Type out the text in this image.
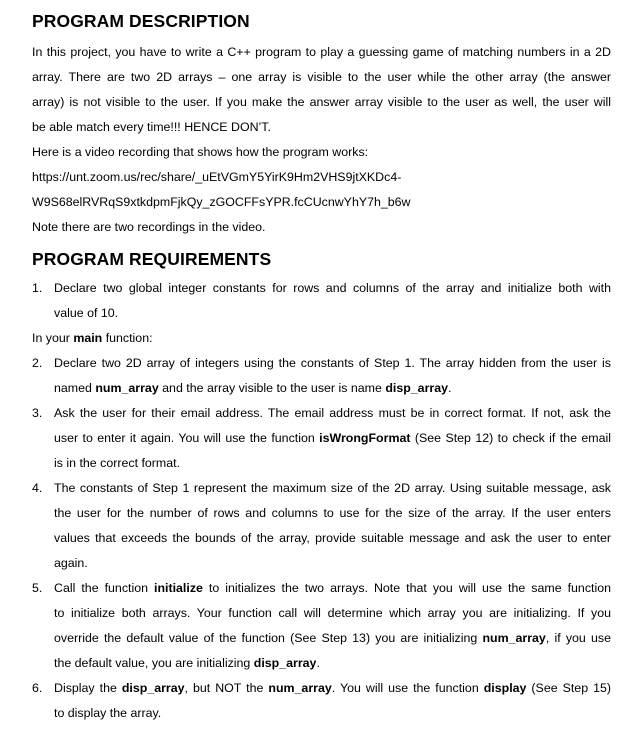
PROGRAM DESCRIPTION

In this project, you have to write a C++ program to play a guessing game of matching numbers in a 2D

array. There are two 2D arrays – one array is visible to the user while the other array (the answer

array) is not visible to the user. If you make the answer array visible to the user as well, the user will

be able match every time!!! HENCE DON’T.

Here is a video recording that shows how the program works:

https://unt.zoom.us/rec/share/_uEtVGmY5YirK9Hm2VHS9jtXKDc4-

W9S68elRVRqS9xtkdpmFjkQy_zGOCFFsYPR.fcCUcnwYhY7h_b6w

Note there are two recordings in the video.

PROGRAM REQUIREMENTS
1. Declare two global integer constants for rows and columns of the array and initialize both with
value of 10.

In your main function:

2. Declare two 2D array of integers using the constants of Step 1. The array hidden from the user is
named num_array and the array visible to the user is name disp_array.
3. Ask the user for their email address. The email address must be in correct format. If not, ask the
user to enter it again. You will use the function isWrongFormat (See Step 12) to check if the email
is in the correct format.
4. The constants of Step 1 represent the maximum size of the 2D array. Using suitable message, ask
the user for the number of rows and columns to use for the size of the array. If the user enters
values that exceeds the bounds of the array, provide suitable message and ask the user to enter
again.
5. Call the function initialize to initializes the two arrays. Note that you will use the same function
to initialize both arrays. Your function call will determine which array you are initializing. If you
override the default value of the function (See Step 13) you are initializing num_array, if you use
the default value, you are initializing disp_array.
6. Display the disp_array, but NOT the num_array. You will use the function display (See Step 15)
to display the array.
